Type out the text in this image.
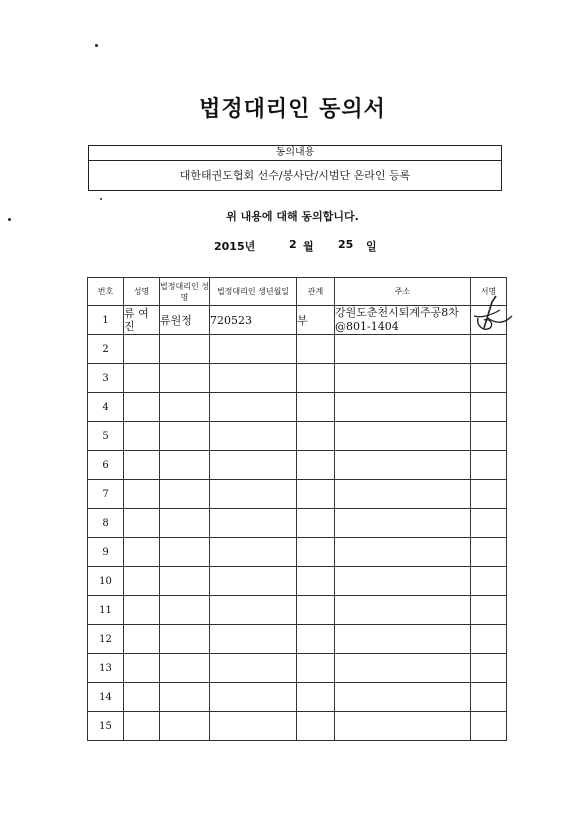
법정대리인 동의서
동의내용
대한태권도협회 선수/봉사단/시범단 온라인 등록
위 내용에 대해 동의합니다.
2015년	2 월 25 일
번호	성명	법정대리인 성명	법정대리인 생년월일	관계	주소	서명
1	류 여 진	류원정	720523	부	강원도춘천시퇴계주공8차@801-1404	
2						
3						
4						
5						
6						
7						
8						
9						
10						
11						
12						
13						
14						
15						
